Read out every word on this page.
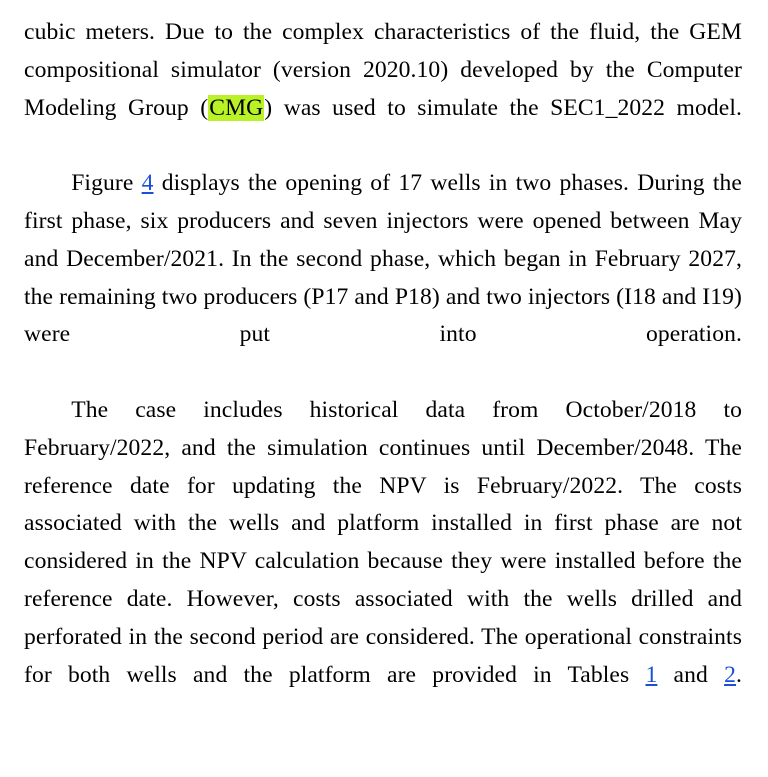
cubic meters. Due to the complex characteristics of the fluid, the GEM compositional simulator (version 2020.10) developed by the Computer Modeling Group (CMG) was used to simulate the SEC1_2022 model.

Figure 4 displays the opening of 17 wells in two phases. During the first phase, six producers and seven injectors were opened between May and December/2021. In the second phase, which began in February 2027, the remaining two producers (P17 and P18) and two injectors (I18 and I19) were put into operation.

The case includes historical data from October/2018 to February/2022, and the simulation continues until December/2048. The reference date for updating the NPV is February/2022. The costs associated with the wells and platform installed in first phase are not considered in the NPV calculation because they were installed before the reference date. However, costs associated with the wells drilled and perforated in the second period are considered. The operational constraints for both wells and the platform are provided in Tables 1 and 2.
